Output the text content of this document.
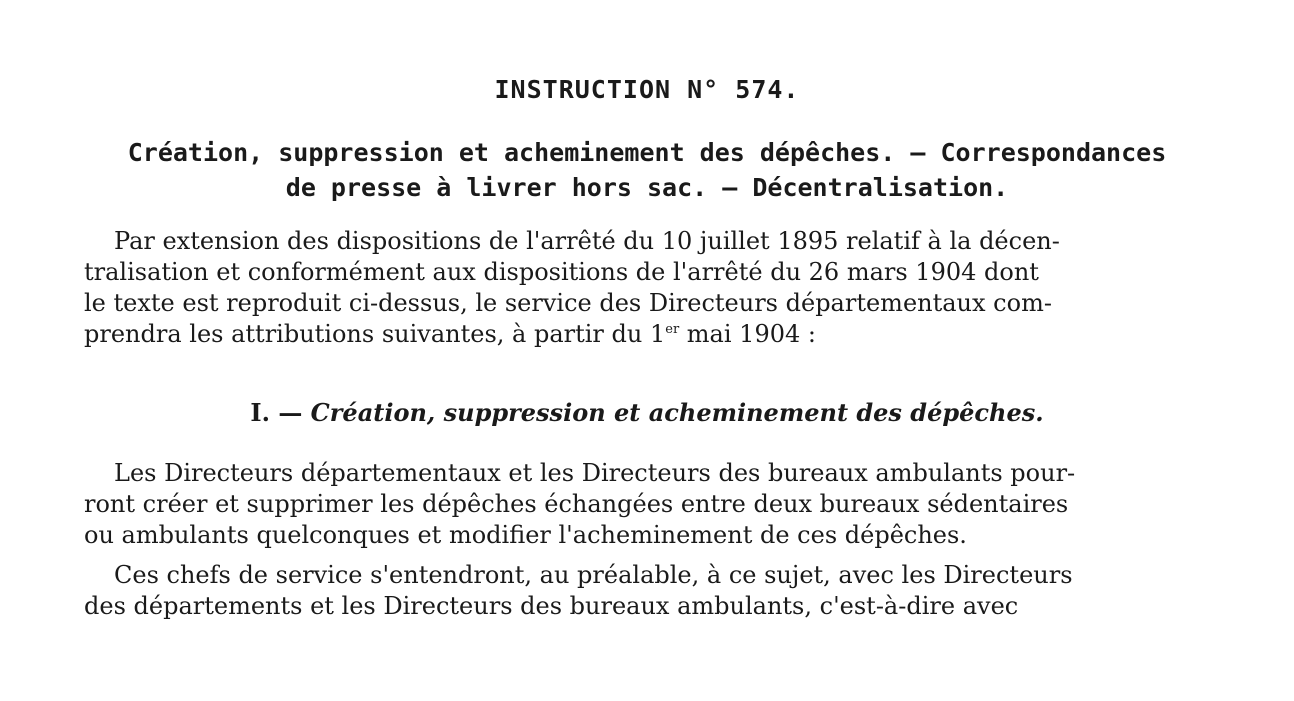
INSTRUCTION N° 574.
Création, suppression et acheminement des dépêches. — Correspondances
de presse à livrer hors sac. — Décentralisation.

Par extension des dispositions de l'arrêté du 10 juillet 1895 relatif à la décen-
tralisation et conformément aux dispositions de l'arrêté du 26 mars 1904 dont
le texte est reproduit ci-dessus, le service des Directeurs départementaux com-
prendra les attributions suivantes, à partir du 1er mai 1904 :

I. — Création, suppression et acheminement des dépêches.

Les Directeurs départementaux et les Directeurs des bureaux ambulants pour-
ront créer et supprimer les dépêches échangées entre deux bureaux sédentaires
ou ambulants quelconques et modifier l'acheminement de ces dépêches.

Ces chefs de service s'entendront, au préalable, à ce sujet, avec les Directeurs
des départements et les Directeurs des bureaux ambulants, c'est-à-dire avec
